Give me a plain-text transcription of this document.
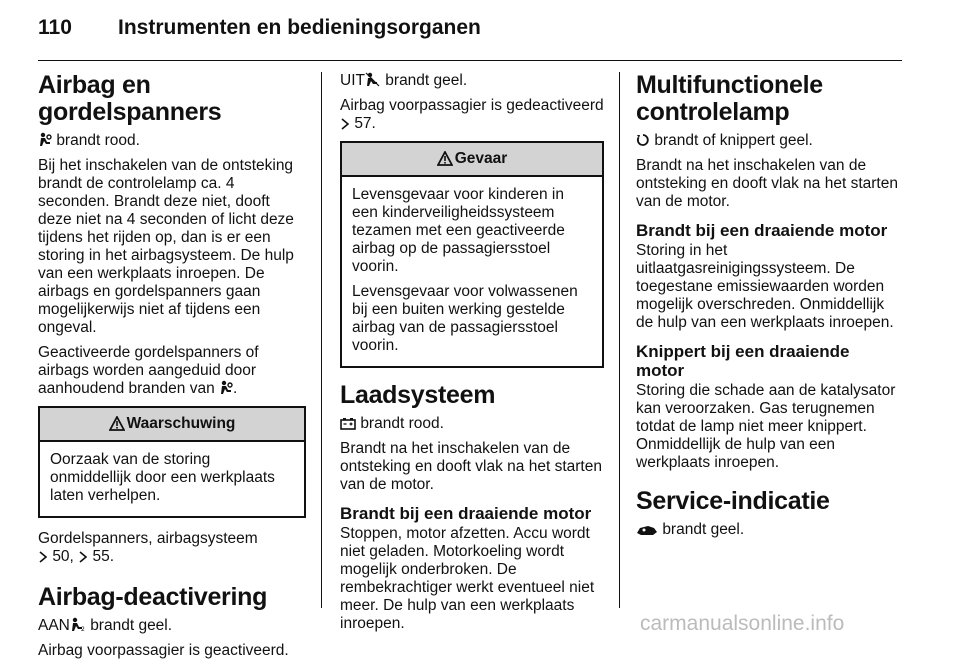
110 Instrumenten en bedieningsorganen
Airbag en gordelspanners

brandt rood.

Bij het inschakelen van de ontsteking brandt de controlelamp ca. 4 seconden. Brandt deze niet, dooft deze niet na 4 seconden of licht deze tijdens het rijden op, dan is er een storing in het airbagsysteem. De hulp van een werkplaats inroepen. De airbags en gordelspanners gaan mogelijkerwijs niet af tijdens een ongeval.

Geactiveerde gordelspanners of airbags worden aangeduid door aanhoudend branden van .

Waarschuwing

Oorzaak van de storing onmiddellijk door een werkplaats laten verhelpen.

Gordelspanners, airbagsysteem
50, 55.

Airbag-deactivering

AAN 2 brandt geel.

Airbag voorpassagier is geactiveerd.

UIT brandt geel.

Airbag voorpassagier is gedeactiveerd  57.

Gevaar

Levensgevaar voor kinderen in een kinderveiligheidssysteem tezamen met een geactiveerde airbag op de passagiersstoel voorin.

Levensgevaar voor volwassenen bij een buiten werking gestelde airbag van de passagiersstoel voorin.

Laadsysteem

brandt rood.

Brandt na het inschakelen van de ontsteking en dooft vlak na het starten van de motor.

Brandt bij een draaiende motor

Stoppen, motor afzetten. Accu wordt niet geladen. Motorkoeling wordt mogelijk onderbroken. De rembekrachtiger werkt eventueel niet meer. De hulp van een werkplaats inroepen.

Multifunctionele controlelamp

brandt of knippert geel.

Brandt na het inschakelen van de ontsteking en dooft vlak na het starten van de motor.

Brandt bij een draaiende motor

Storing in het uitlaatgasreinigingssysteem. De toegestane emissiewaarden worden mogelijk overschreden. Onmiddellijk de hulp van een werkplaats inroepen.

Knippert bij een draaiende motor

Storing die schade aan de katalysator kan veroorzaken. Gas terugnemen totdat de lamp niet meer knippert. Onmiddellijk de hulp van een werkplaats inroepen.

Service-indicatie

brandt geel.

carmanualsonline.info
